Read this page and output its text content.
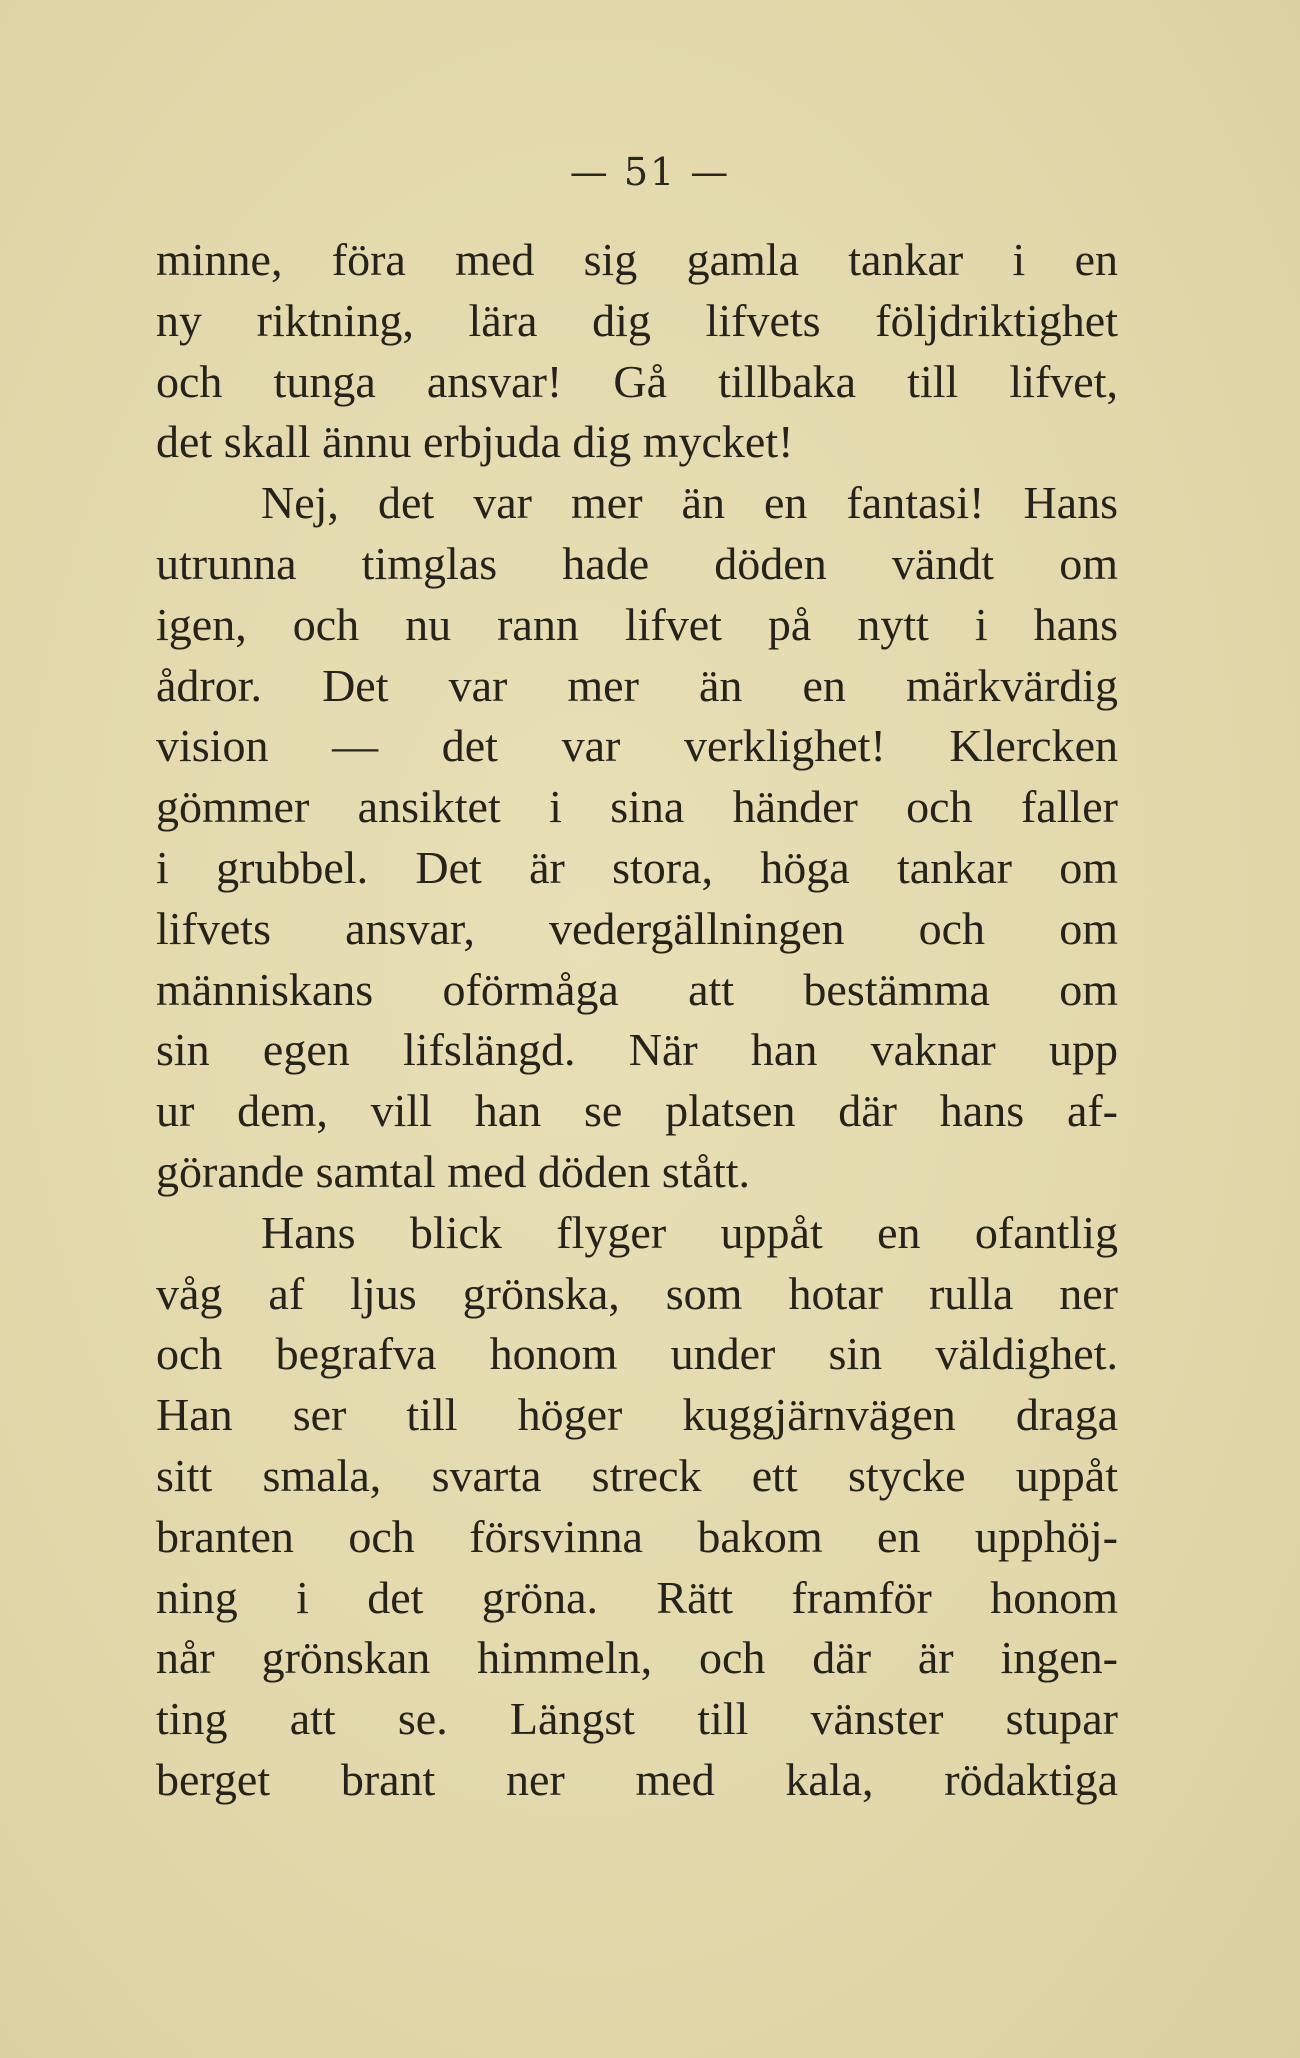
— 51 —
minne, föra med sig gamla tankar i en
ny riktning, lära dig lifvets följdriktighet
och tunga ansvar! Gå tillbaka till lifvet,
det skall ännu erbjuda dig mycket!
Nej, det var mer än en fantasi! Hans
utrunna timglas hade döden vändt om
igen, och nu rann lifvet på nytt i hans
ådror. Det var mer än en märkvärdig
vision — det var verklighet! Klercken
gömmer ansiktet i sina händer och faller
i grubbel. Det är stora, höga tankar om
lifvets ansvar, vedergällningen och om
människans oförmåga att bestämma om
sin egen lifslängd. När han vaknar upp
ur dem, vill han se platsen där hans af-
görande samtal med döden stått.
Hans blick flyger uppåt en ofantlig
våg af ljus grönska, som hotar rulla ner
och begrafva honom under sin väldighet.
Han ser till höger kuggjärnvägen draga
sitt smala, svarta streck ett stycke uppåt
branten och försvinna bakom en upphöj-
ning i det gröna. Rätt framför honom
når grönskan himmeln, och där är ingen-
ting att se. Längst till vänster stupar
berget brant ner med kala, rödaktiga
